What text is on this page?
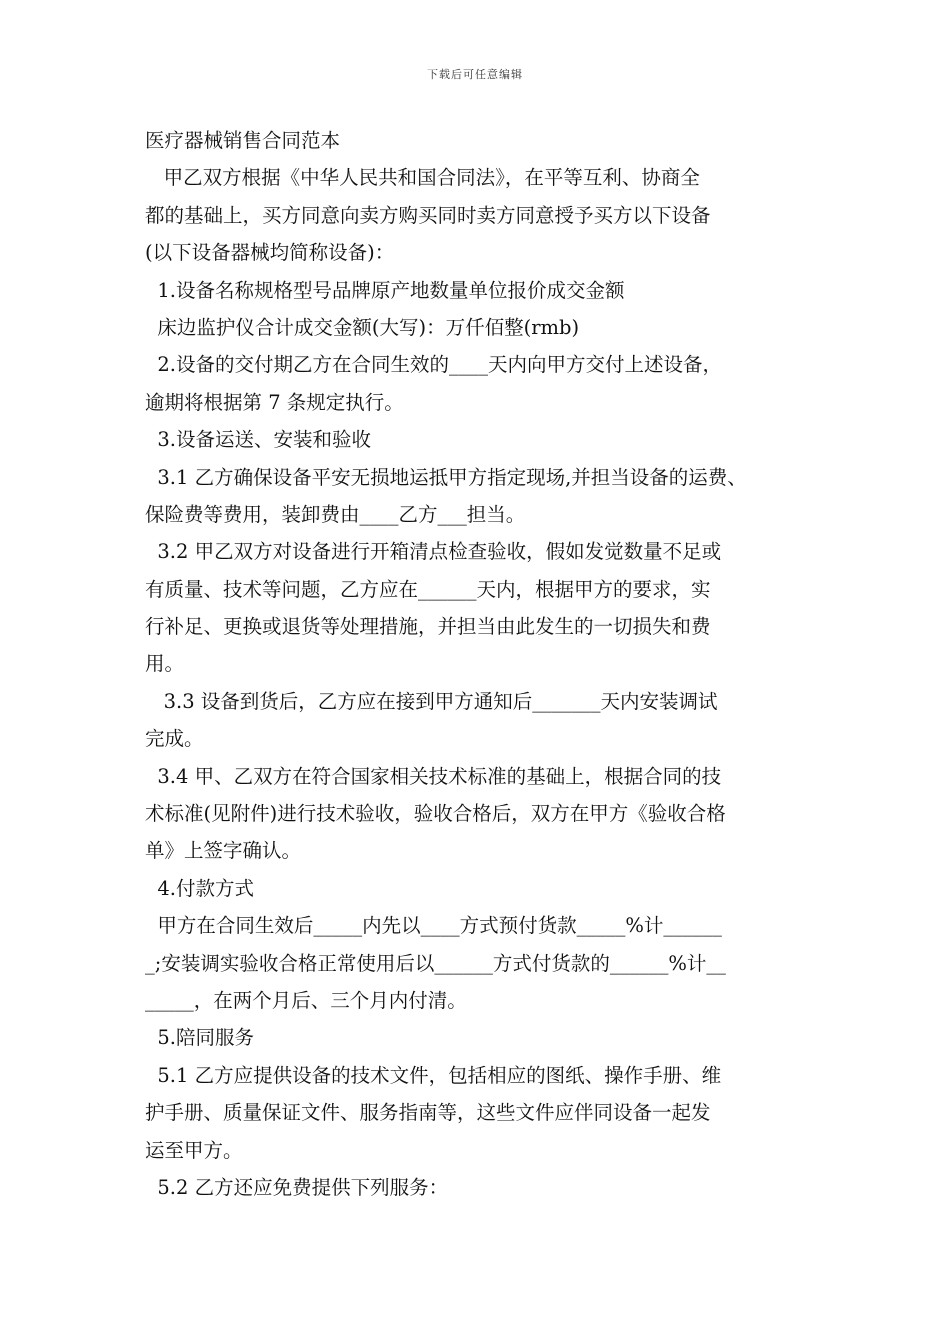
下载后可任意编辑
医疗器械销售合同范本
甲乙双方根据《中华人民共和国合同法》，在平等互利、协商全
都的基础上，买方同意向卖方购买同时卖方同意授予买方以下设备
(以下设备器械均简称设备)：
1.设备名称规格型号品牌原产地数量单位报价成交金额
床边监护仪合计成交金额(大写)：万仟佰整(rmb)
2.设备的交付期乙方在合同生效的____天内向甲方交付上述设备，
逾期将根据第 7 条规定执行。
3.设备运送、安装和验收
3.1 乙方确保设备平安无损地运抵甲方指定现场,并担当设备的运费、
保险费等费用，装卸费由____乙方___担当。
3.2 甲乙双方对设备进行开箱清点检查验收，假如发觉数量不足或
有质量、技术等问题，乙方应在______天内，根据甲方的要求，实
行补足、更换或退货等处理措施，并担当由此发生的一切损失和费
用。
3.3 设备到货后，乙方应在接到甲方通知后_______天内安装调试
完成。
3.4 甲、乙双方在符合国家相关技术标准的基础上，根据合同的技
术标准(见附件)进行技术验收，验收合格后，双方在甲方《验收合格
单》上签字确认。
4.付款方式
甲方在合同生效后_____内先以____方式预付货款_____%计______
_;安装调实验收合格正常使用后以______方式付货款的______%计__
_____，在两个月后、三个月内付清。
5.陪同服务
5.1 乙方应提供设备的技术文件，包括相应的图纸、操作手册、维
护手册、质量保证文件、服务指南等，这些文件应伴同设备一起发
运至甲方。
5.2 乙方还应免费提供下列服务：
